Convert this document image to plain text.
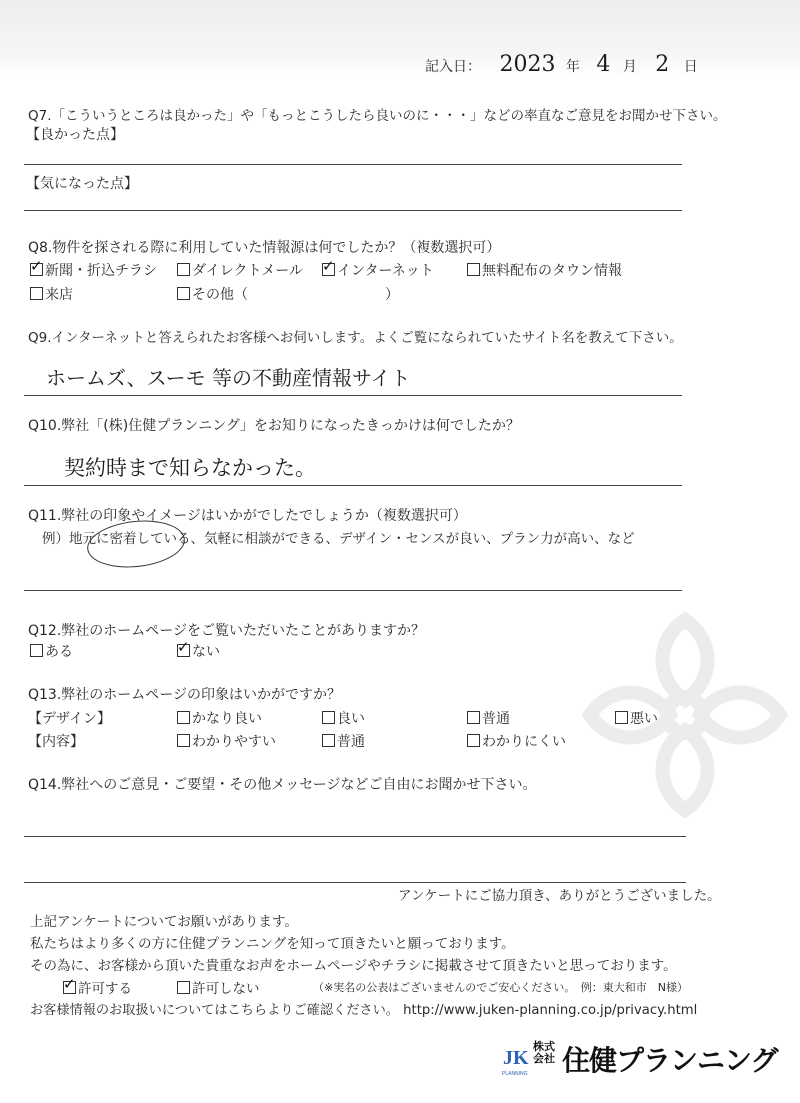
記入日： 2023 年 4 月 2 日
Q7.「こういうところは良かった」や「もっとこうしたら良いのに・・・」などの率直なご意見をお聞かせ下さい。
【良かった点】
【気になった点】
Q8.物件を探される際に利用していた情報源は何でしたか？（複数選択可）
✓新聞・折込チラシ	ダイレクトメール ✓	インターネット	無料配布のタウン情報
来店	その他（	）
Q9.インターネットと答えられたお客様へお伺いします。よくご覧になられていたサイト名を教えて下さい。
ホームズ、スーモ 等の不動産情報サイト
Q10.弊社「(株)住健プランニング」をお知りになったきっかけは何でしたか？
契約時まで知らなかった。
Q11.弊社の印象やイメージはいかがでしたでしょうか（複数選択可）
例）地元に密着している、気軽に相談ができる、デザイン・センスが良い、プラン力が高い、など
Q12.弊社のホームページをご覧いただいたことがありますか？
ある ✓	ない
Q13.弊社のホームページの印象はいかがですか？
【デザイン】	かなり良い	良い	普通	悪い
【内容】	わかりやすい	普通	わかりにくい
Q14.弊社へのご意見・ご要望・その他メッセージなどご自由にお聞かせ下さい。
アンケートにご協力頂き、ありがとうございました。
上記アンケートについてお願いがあります。
私たちはより多くの方に住健プランニングを知って頂きたいと願っております。
その為に、お客様から頂いた貴重なお声をホームページやチラシに掲載させて頂きたいと思っております。
✓許可する	許可しない	（※実名の公表はございませんのでご安心ください。　例：東大和市　N様）
お客様情報のお取扱いについてはこちらよりご確認ください。 http://www.juken-planning.co.jp/privacy.html
JK
PLANNING
株式会社 住健プランニング
